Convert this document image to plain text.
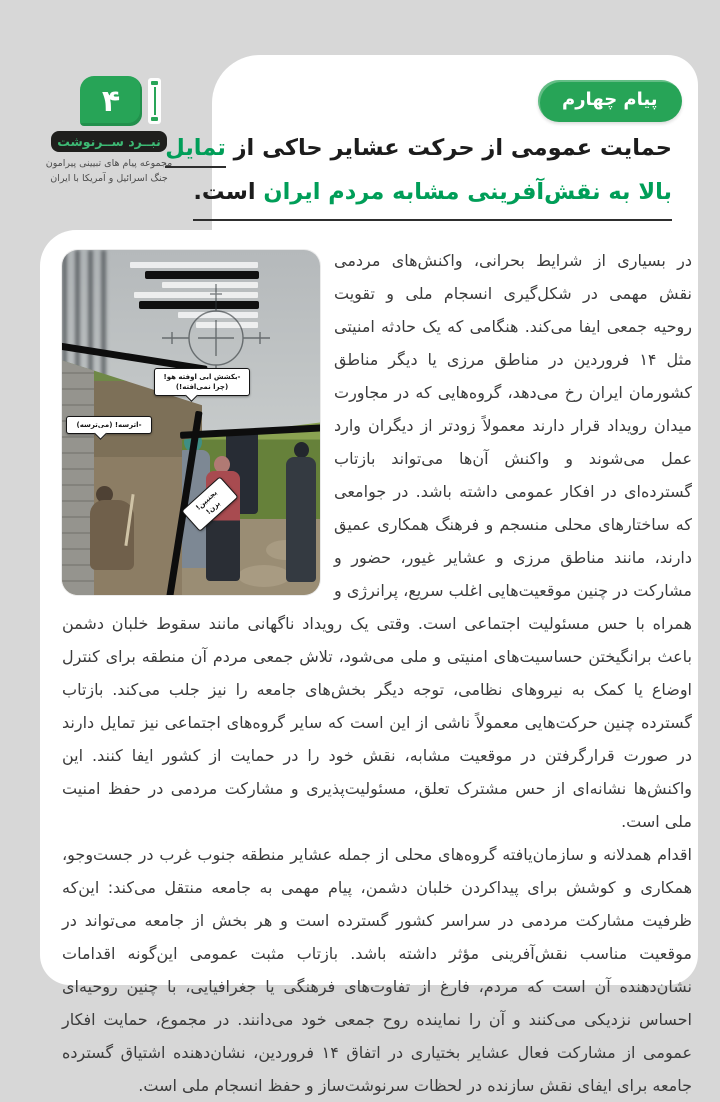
۴
نبــرد ســرنوشت
مجموعه پیام های تبیینی پیرامون
جنگ اسرائیل و آمریکا با ایران
پیام چهارم
حمایت عمومی از حرکت عشایر حاکی از تمایل
بالا به نقش‌آفرینی مشابه مردم ایران است.
-بکشش ابی اوفته هو! (چرا نمی‌افته!)
-اترسه! (می‌ترسه)
بجنبین! بزن!

در بسیاری از شرایط بحرانی، واکنش‌های مردمی نقش مهمی در شکل‌گیری انسجام ملی و تقویت روحیه جمعی ایفا می‌کند. هنگامی که یک حادثه امنیتی مثل ۱۴ فروردین در مناطق مرزی یا دیگر مناطق کشورمان ایران رخ می‌دهد، گروه‌هایی که در مجاورت میدان رویداد قرار دارند معمولاً زودتر از دیگران وارد عمل می‌شوند و واکنش آن‌ها می‌تواند بازتاب گسترده‌ای در افکار عمومی داشته باشد. در جوامعی که ساختارهای محلی منسجم و فرهنگ همکاری عمیق دارند، مانند مناطق مرزی و عشایر غیور، حضور و مشارکت در چنین موقعیت‌هایی اغلب سریع، پرانرژی و همراه با حس مسئولیت اجتماعی است. وقتی یک رویداد ناگهانی مانند سقوط خلبان دشمن باعث برانگیختن حساسیت‌های امنیتی و ملی می‌شود، تلاش جمعی مردم آن منطقه برای کنترل اوضاع یا کمک به نیروهای نظامی، توجه دیگر بخش‌های جامعه را نیز جلب می‌کند. بازتاب گسترده چنین حرکت‌هایی معمولاً ناشی از این است که سایر گروه‌های اجتماعی نیز تمایل دارند در صورت قرارگرفتن در موقعیت مشابه، نقش خود را در حمایت از کشور ایفا کنند. این واکنش‌ها نشانه‌ای از حس مشترک تعلق، مسئولیت‌پذیری و مشارکت مردمی در حفظ امنیت ملی است.

اقدام همدلانه و سازمان‌یافته گروه‌های محلی از جمله عشایر منطقه جنوب غرب در جست‌وجو، همکاری و کوشش برای پیداکردن خلبان دشمن، پیام مهمی به جامعه منتقل می‌کند: این‌که ظرفیت مشارکت مردمی در سراسر کشور گسترده است و هر بخش از جامعه می‌تواند در موقعیت مناسب نقش‌آفرینی مؤثر داشته باشد. بازتاب مثبت عمومی این‌گونه اقدامات نشان‌دهنده آن است که مردم، فارغ از تفاوت‌های فرهنگی یا جغرافیایی، با چنین روحیه‌ای احساس نزدیکی می‌کنند و آن را نماینده روح جمعی خود می‌دانند. در مجموع، حمایت افکار عمومی از مشارکت فعال عشایر بختیاری در اتفاق ۱۴ فروردین، نشان‌دهنده اشتیاق گسترده جامعه برای ایفای نقش سازنده در لحظات سرنوشت‌ساز و حفظ انسجام ملی است.
